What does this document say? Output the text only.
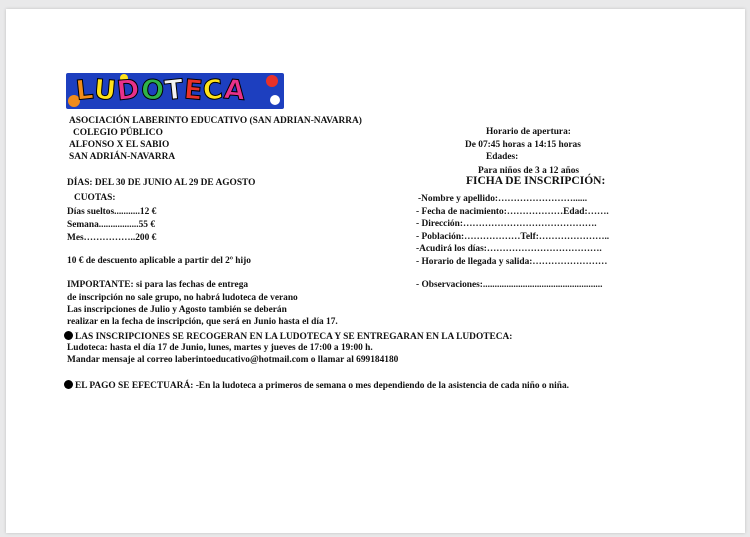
L
U
D
O
T
E
C
A
ASOCIACIÓN LABERINTO EDUCATIVO (SAN ADRIAN-NAVARRA)
COLEGIO PÚBLICO
ALFONSO X EL SABIO
SAN ADRIÁN-NAVARRA
Horario de apertura:
De 07:45 horas a 14:15 horas
Edades:
Para niños de 3 a 12 años
DÍAS: DEL 30 DE JUNIO AL 29 DE AGOSTO	FICHA DE INSCRIPCIÓN:
CUOTAS:
Días sueltos...........12 €
Semana.................55 €
Mes……………..200 €
10 € de descuento aplicable a partir del 2º hijo
-Nombre y apellido:……………………......
- Fecha de nacimiento:………………Edad:…….
- Dirección:…………………………………….
- Población:………………Telf:…………………..
-Acudirá los días:……………………………….
- Horario de llegada y salida:……………………
- Observaciones:...................................................
IMPORTANTE: si para las fechas de entrega
de inscripción no sale grupo, no habrá ludoteca de verano
Las inscripciones de Julio y Agosto también se deberán
realizar en la fecha de inscripción, que será en Junio hasta el día 17.
LAS INSCRIPCIONES SE RECOGERAN EN LA LUDOTECA Y SE ENTREGARAN EN LA LUDOTECA:
Ludoteca: hasta el día 17 de Junio, lunes, martes y jueves de 17:00 a 19:00 h.
Mandar mensaje al correo laberintoeducativo@hotmail.com o llamar al 699184180
EL PAGO SE EFECTUARÁ: -En la ludoteca a primeros de semana o mes dependiendo de la asistencia de cada niño o niña.
